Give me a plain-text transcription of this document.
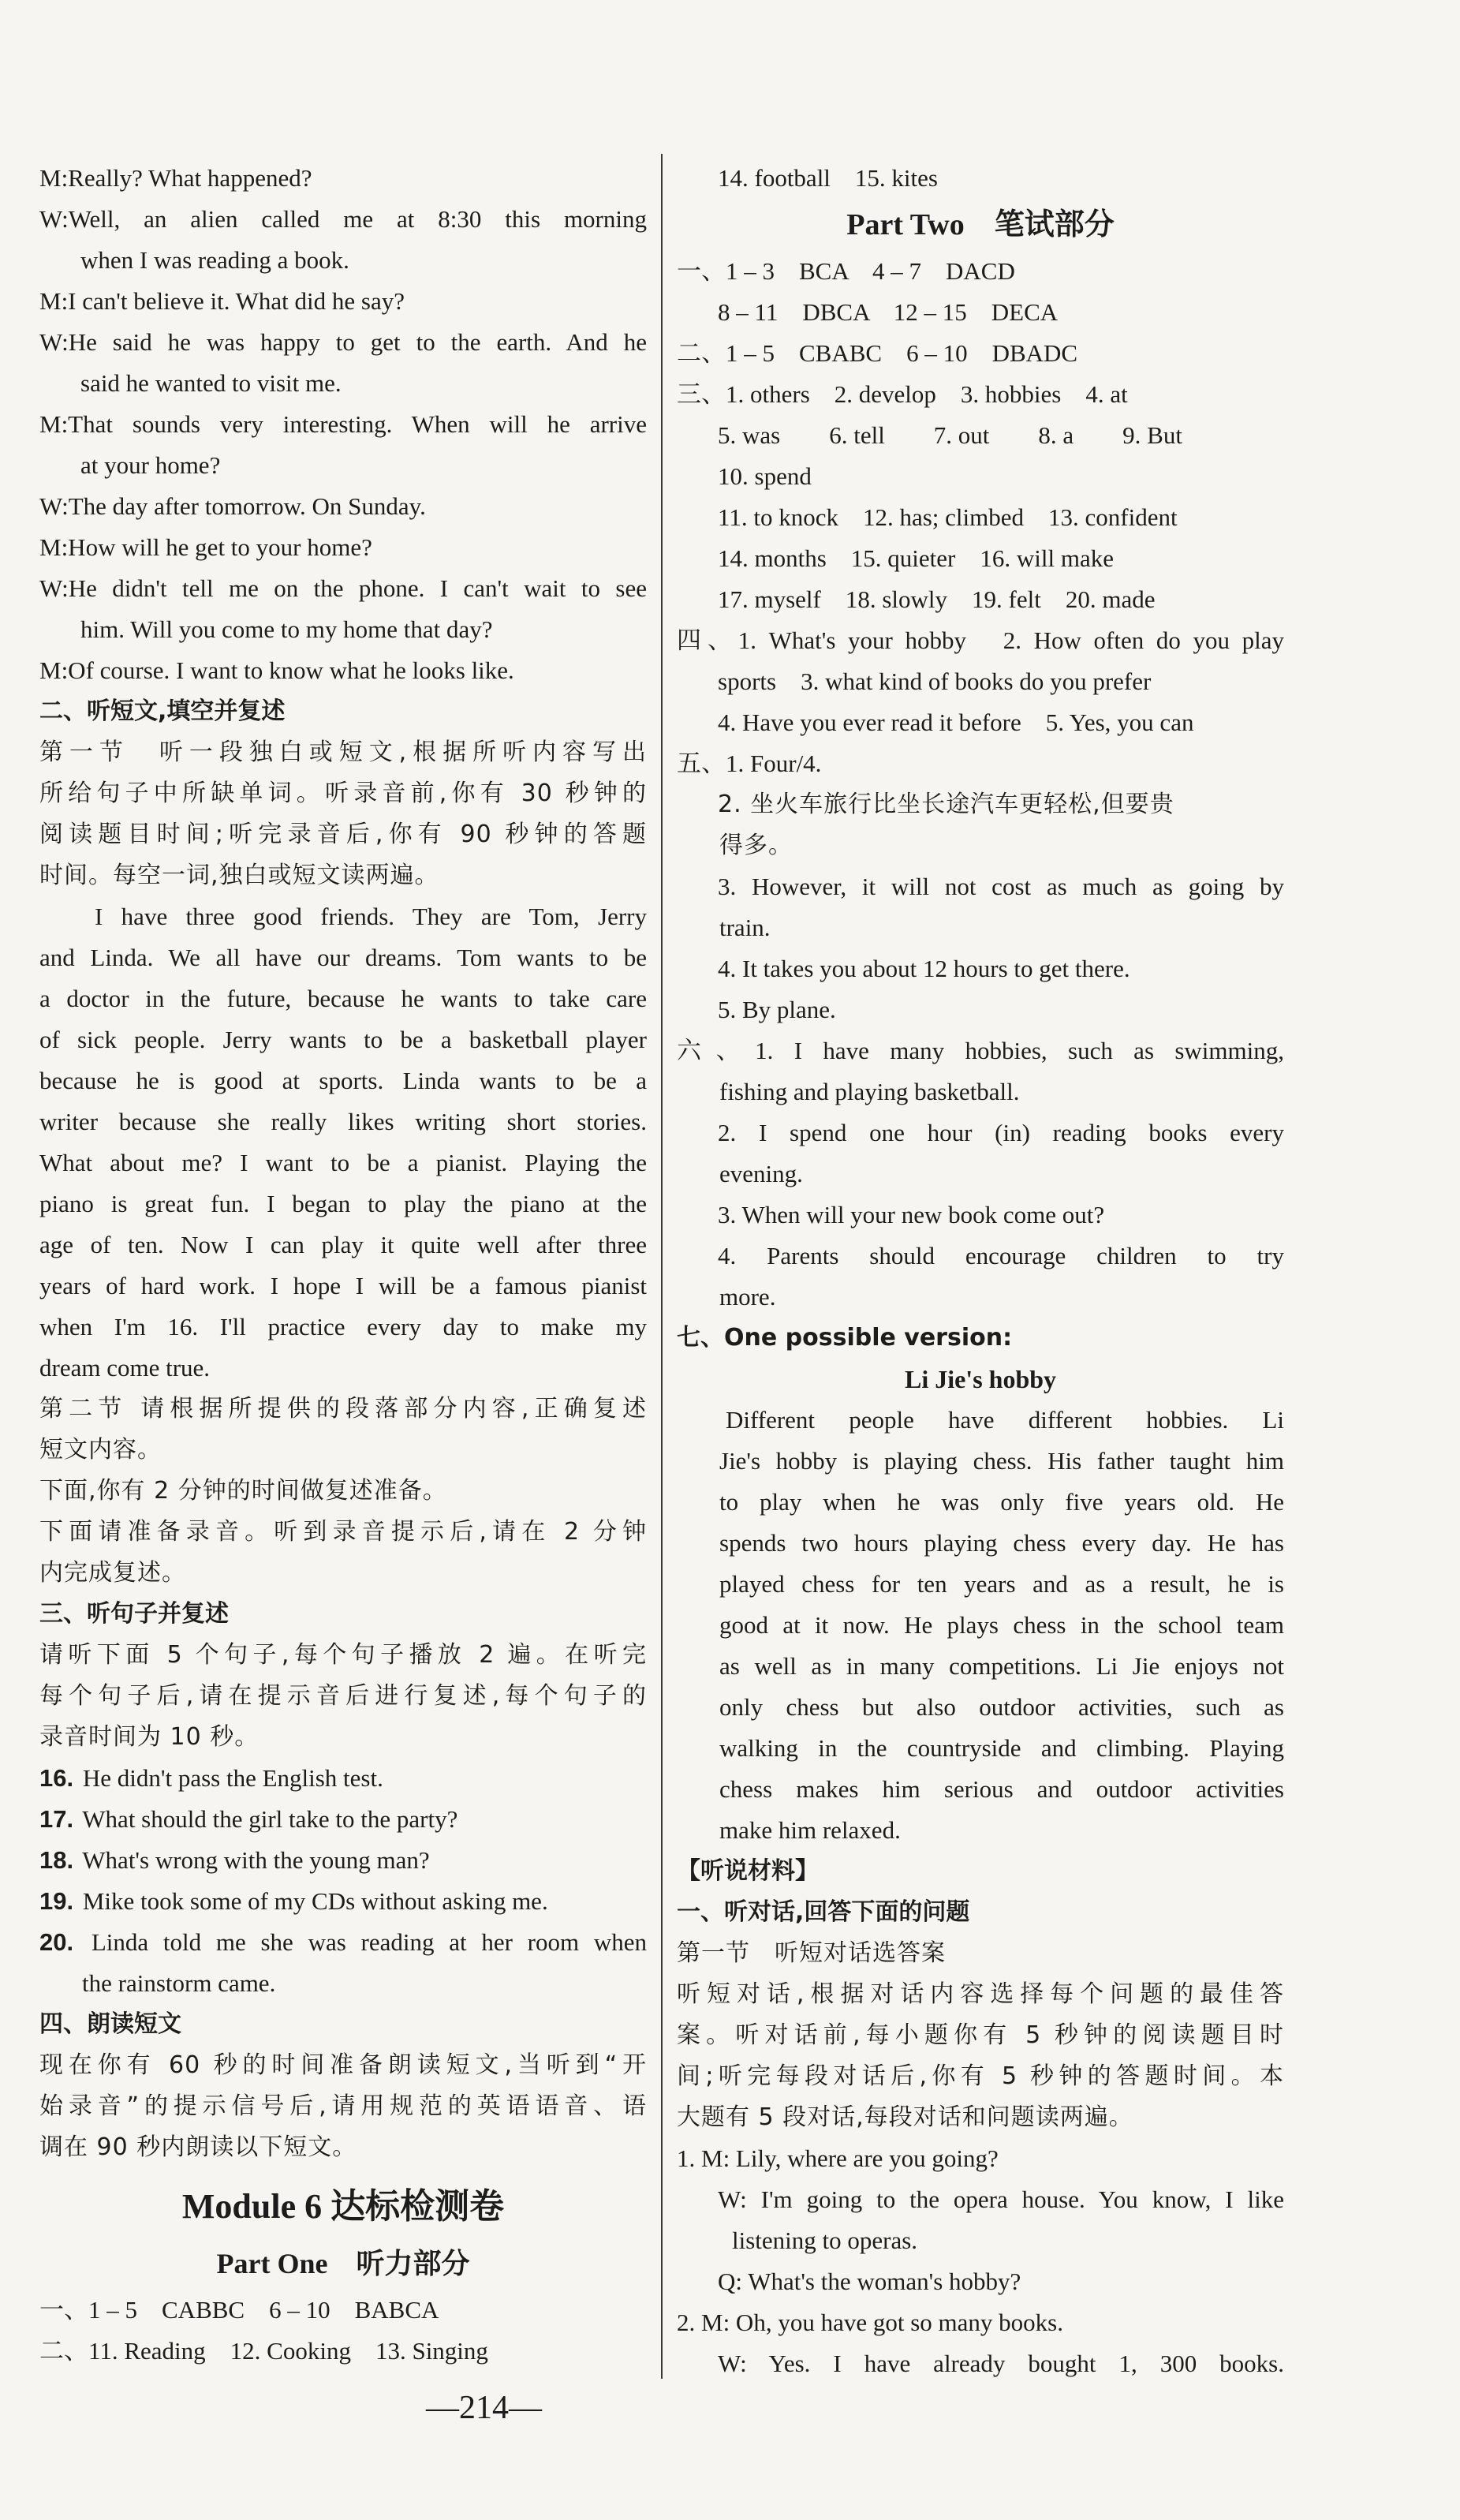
M:Really? What happened?
W:Well, an alien called me at 8:30 this morning
when I was reading a book.
M:I can't believe it. What did he say?
W:He said he was happy to get to the earth. And he
said he wanted to visit me.
M:That sounds very interesting. When will he arrive
at your home?
W:The day after tomorrow. On Sunday.
M:How will he get to your home?
W:He didn't tell me on the phone. I can't wait to see
him. Will you come to my home that day?
M:Of course. I want to know what he looks like.
二、听短文,填空并复述
第一节　听一段独白或短文,根据所听内容写出
所给句子中所缺单词。听录音前,你有 30 秒钟的
阅读题目时间;听完录音后,你有 90 秒钟的答题
时间。每空一词,独白或短文读两遍。
I have three good friends. They are Tom, Jerry
and Linda. We all have our dreams. Tom wants to be
a doctor in the future, because he wants to take care
of sick people. Jerry wants to be a basketball player
because he is good at sports. Linda wants to be a
writer because she really likes writing short stories.
What about me? I want to be a pianist. Playing the
piano is great fun. I began to play the piano at the
age of ten. Now I can play it quite well after three
years of hard work. I hope I will be a famous pianist
when I'm 16. I'll practice every day to make my
dream come true.
第二节 请根据所提供的段落部分内容,正确复述
短文内容。
下面,你有 2 分钟的时间做复述准备。
下面请准备录音。听到录音提示后,请在 2 分钟
内完成复述。
三、听句子并复述
请听下面 5 个句子,每个句子播放 2 遍。在听完
每个句子后,请在提示音后进行复述,每个句子的
录音时间为 10 秒。
16. He didn't pass the English test.
17. What should the girl take to the party?
18. What's wrong with the young man?
19. Mike took some of my CDs without asking me.
20. Linda told me she was reading at her room when
the rainstorm came.
四、朗读短文
现在你有 60 秒的时间准备朗读短文,当听到“开
始录音”的提示信号后,请用规范的英语语音、语
调在 90 秒内朗读以下短文。
Module 6 达标检测卷
Part One　听力部分
一、1 – 5　CABBC　6 – 10　BABCA
二、11. Reading　12. Cooking　13. Singing
14. football　15. kites
Part Two　笔试部分
一、1 – 3　BCA　4 – 7　DACD
8 – 11　DBCA　12 – 15　DECA
二、1 – 5　CBABC　6 – 10　DBADC
三、1. others　2. develop　3. hobbies　4. at
5. was　　6. tell　　7. out　　8. a　　9. But
10. spend
11. to knock　12. has; climbed　13. confident
14. months　15. quieter　16. will make
17. myself　18. slowly　19. felt　20. made
四、1. What's your hobby　2. How often do you play
sports　3. what kind of books do you prefer
4. Have you ever read it before　5. Yes, you can
五、1. Four/4.
2. 坐火车旅行比坐长途汽车更轻松,但要贵
得多。
3. However, it will not cost as much as going by
train.
4. It takes you about 12 hours to get there.
5. By plane.
六、1. I have many hobbies, such as swimming,
fishing and playing basketball.
2. I spend one hour (in) reading books every
evening.
3. When will your new book come out?
4. Parents should encourage children to try
more.
七、One possible version:
Li Jie's hobby
Different people have different hobbies. Li
Jie's hobby is playing chess. His father taught him
to play when he was only five years old. He
spends two hours playing chess every day. He has
played chess for ten years and as a result, he is
good at it now. He plays chess in the school team
as well as in many competitions. Li Jie enjoys not
only chess but also outdoor activities, such as
walking in the countryside and climbing. Playing
chess makes him serious and outdoor activities
make him relaxed.
【听说材料】
一、听对话,回答下面的问题
第一节　听短对话选答案
听短对话,根据对话内容选择每个问题的最佳答
案。听对话前,每小题你有 5 秒钟的阅读题目时
间;听完每段对话后,你有 5 秒钟的答题时间。本
大题有 5 段对话,每段对话和问题读两遍。
1. M: Lily, where are you going?
W: I'm going to the opera house. You know, I like
listening to operas.
Q: What's the woman's hobby?
2. M: Oh, you have got so many books.
W: Yes. I have already bought 1, 300 books.
—214—
